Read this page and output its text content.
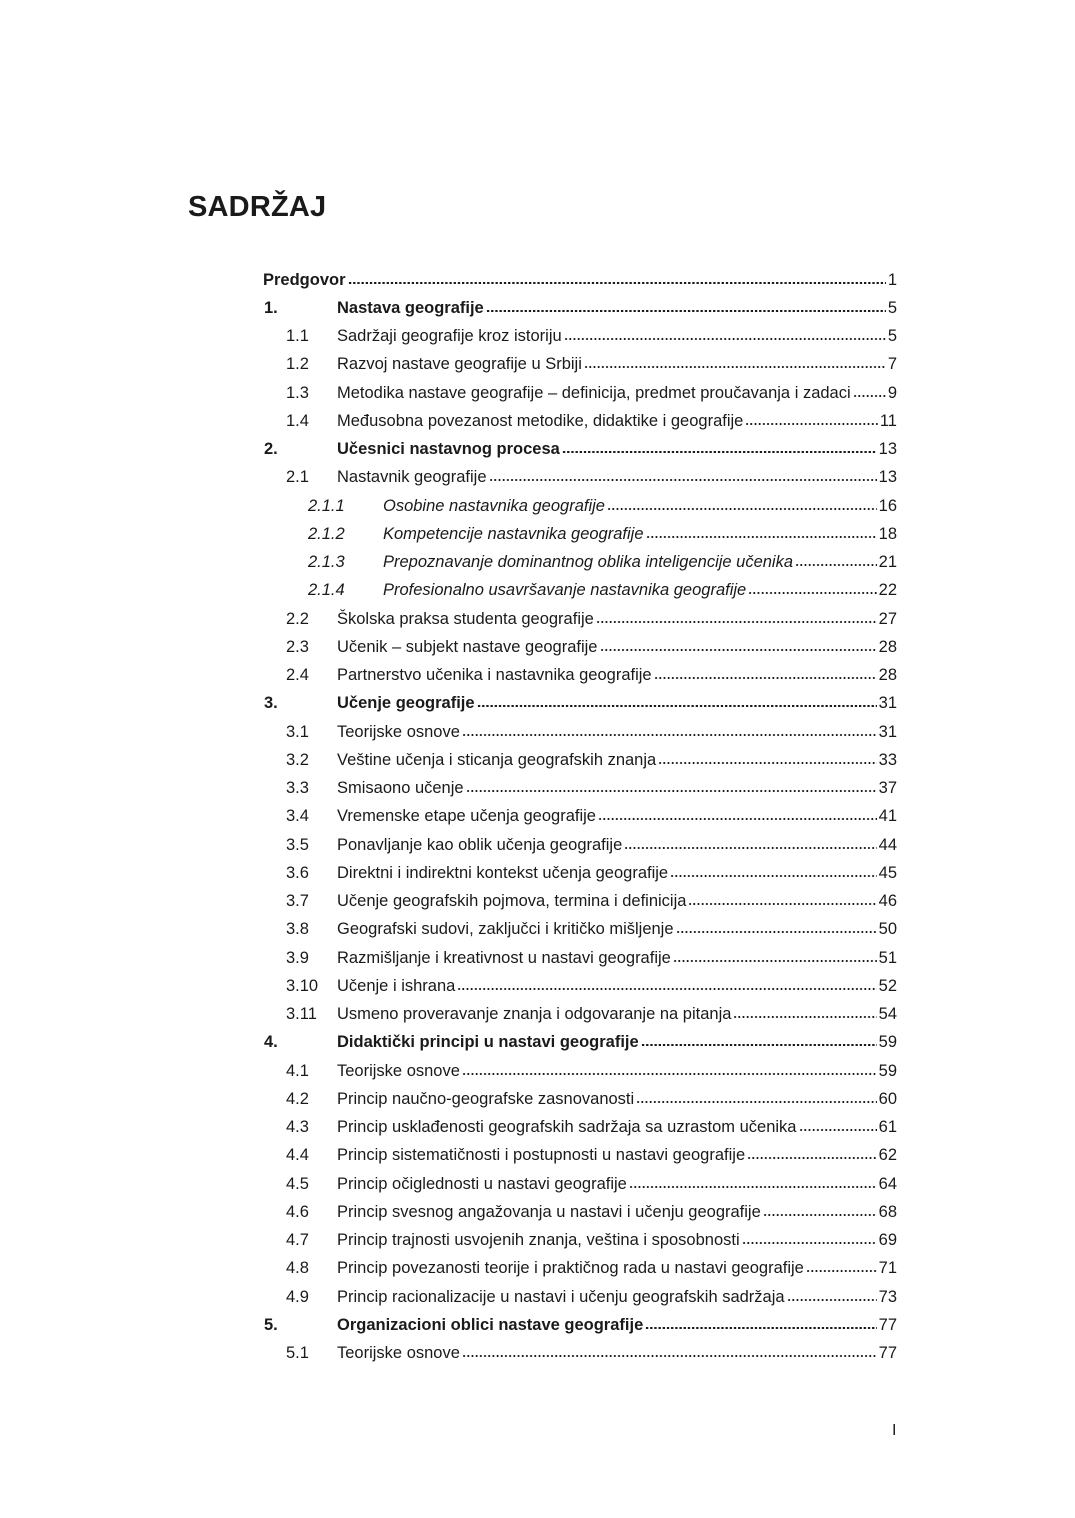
SADRŽAJ
Predgovor	1
1.	Nastava geografije	5
1.1 Sadržaji geografije kroz istoriju	5
1.2 Razvoj nastave geografije u Srbiji	7
1.3 Metodika nastave geografije – definicija, predmet proučavanja i zadaci 9
1.4 Međusobna povezanost metodike, didaktike i geografije	11
2.	Učesnici nastavnog procesa	13
2.1 Nastavnik geografije	13
2.1.1 Osobine nastavnika geografije	16
2.1.2 Kompetencije nastavnika geografije	18
2.1.3 Prepoznavanje dominantnog oblika inteligencije učenika	21
2.1.4 Profesionalno usavršavanje nastavnika geografije	22
2.2 Školska praksa studenta geografije	27
2.3 Učenik – subjekt nastave geografije	28
2.4 Partnerstvo učenika i nastavnika geografije	28
3.	Učenje geografije	31
3.1 Teorijske osnove	31
3.2 Veštine učenja i sticanja geografskih znanja	33
3.3 Smisaono učenje	37
3.4 Vremenske etape učenja geografije	41
3.5 Ponavljanje kao oblik učenja geografije	44
3.6 Direktni i indirektni kontekst učenja geografije	45
3.7 Učenje geografskih pojmova, termina i definicija	46
3.8 Geografski sudovi, zaključci i kritičko mišljenje	50
3.9 Razmišljanje i kreativnost u nastavi geografije	51
3.10 Učenje i ishrana	52
3.11 Usmeno proveravanje znanja i odgovaranje na pitanja	54
4.	Didaktički principi u nastavi geografije	59
4.1 Teorijske osnove	59
4.2 Princip naučno-geografske zasnovanosti	60
4.3 Princip usklađenosti geografskih sadržaja sa uzrastom učenika	61
4.4 Princip sistematičnosti i postupnosti u nastavi geografije	62
4.5 Princip očiglednosti u nastavi geografije	64
4.6 Princip svesnog angažovanja u nastavi i učenju geografije	68
4.7 Princip trajnosti usvojenih znanja, veština i sposobnosti	69
4.8 Princip povezanosti teorije i praktičnog rada u nastavi geografije	71
4.9 Princip racionalizacije u nastavi i učenju geografskih sadržaja	73
5.	Organizacioni oblici nastave geografije	77
5.1 Teorijske osnove	77
I
